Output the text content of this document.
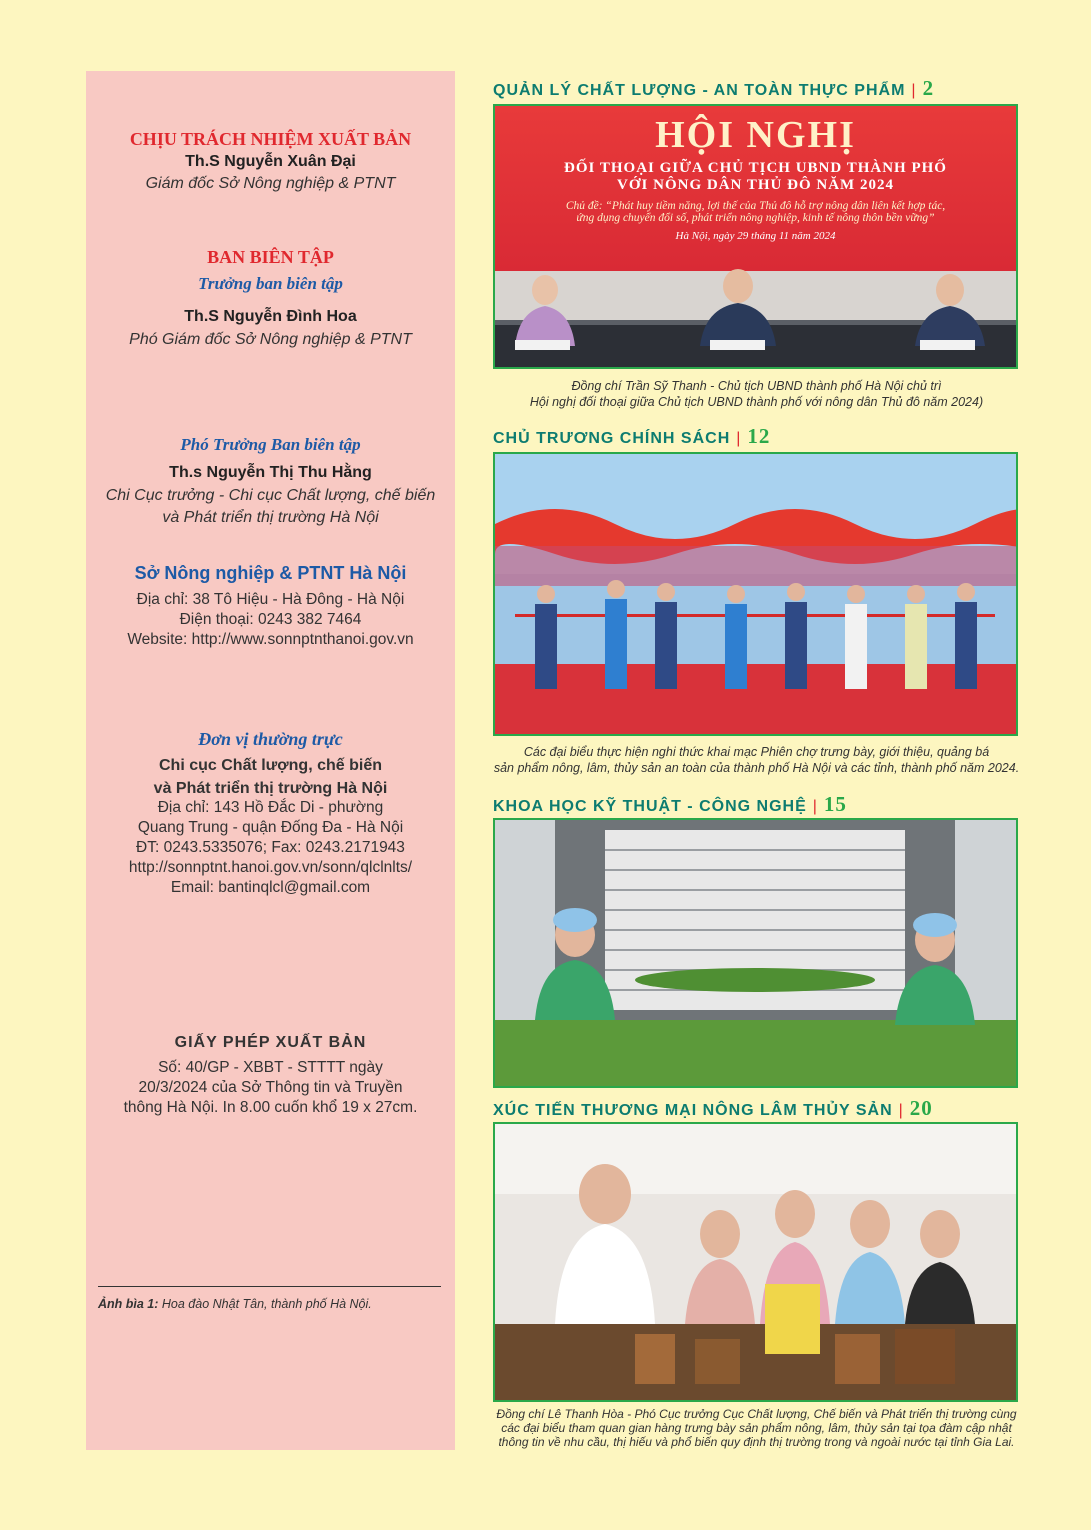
CHỊU TRÁCH NHIỆM XUẤT BẢN
Th.S Nguyễn Xuân Đại
Giám đốc Sở Nông nghiệp & PTNT
BAN BIÊN TẬP
Trưởng ban biên tập
Th.S Nguyễn Đình Hoa
Phó Giám đốc Sở Nông nghiệp & PTNT
Phó Trưởng Ban biên tập
Th.s Nguyễn Thị Thu Hằng
Chi Cục trưởng - Chi cục Chất lượng, chế biến
và Phát triển thị trường Hà Nội
Sở Nông nghiệp & PTNT Hà Nội
Địa chỉ: 38 Tô Hiệu - Hà Đông - Hà Nội
Điện thoại: 0243 382 7464
Website: http://www.sonnptnthanoi.gov.vn
Đơn vị thường trực
Chi cục Chất lượng, chế biến
và Phát triển thị trường Hà Nội
Địa chỉ: 143 Hồ Đắc Di - phường
Quang Trung - quận Đống Đa - Hà Nội
ĐT: 0243.5335076; Fax: 0243.2171943
http://sonnptnt.hanoi.gov.vn/sonn/qlclnlts/
Email: bantinqlcl@gmail.com
GIẤY PHÉP XUẤT BẢN
Số: 40/GP - XBBT - STTTT ngày
20/3/2024 của Sở Thông tin và Truyền
thông Hà Nội. In 8.00 cuốn khổ 19 x 27cm.
Ảnh bìa 1: Hoa đào Nhật Tân, thành phố Hà Nội.
QUẢN LÝ CHẤT LƯỢNG - AN TOÀN THỰC PHẨM | 2
HỘI NGHỊ
ĐỐI THOẠI GIỮA CHỦ TỊCH UBND THÀNH PHỐ
VỚI NÔNG DÂN THỦ ĐÔ NĂM 2024
Chủ đề: “Phát huy tiềm năng, lợi thế của Thủ đô hỗ trợ nông dân liên kết hợp tác,
ứng dụng chuyển đổi số, phát triển nông nghiệp, kinh tế nông thôn bền vững”
Hà Nội, ngày 29 tháng 11 năm 2024
Đồng chí Trần Sỹ Thanh - Chủ tịch UBND thành phố Hà Nội chủ trì
Hội nghị đối thoại giữa Chủ tịch UBND thành phố với nông dân Thủ đô năm 2024)
CHỦ TRƯƠNG CHÍNH SÁCH | 12
Các đại biểu thực hiện nghi thức khai mạc Phiên chợ trưng bày, giới thiệu, quảng bá
sản phẩm nông, lâm, thủy sản an toàn của thành phố Hà Nội và các tỉnh, thành phố năm 2024.
KHOA HỌC KỸ THUẬT - CÔNG NGHỆ | 15
XÚC TIẾN THƯƠNG MẠI NÔNG LÂM THỦY SẢN | 20
Đồng chí Lê Thanh Hòa - Phó Cục trưởng Cục Chất lượng, Chế biến và Phát triển thị trường cùng
các đại biểu tham quan gian hàng trưng bày sản phẩm nông, lâm, thủy sản tại tọa đàm cập nhật
thông tin về nhu cầu, thị hiếu và phổ biến quy định thị trường trong và ngoài nước tại tỉnh Gia Lai.
